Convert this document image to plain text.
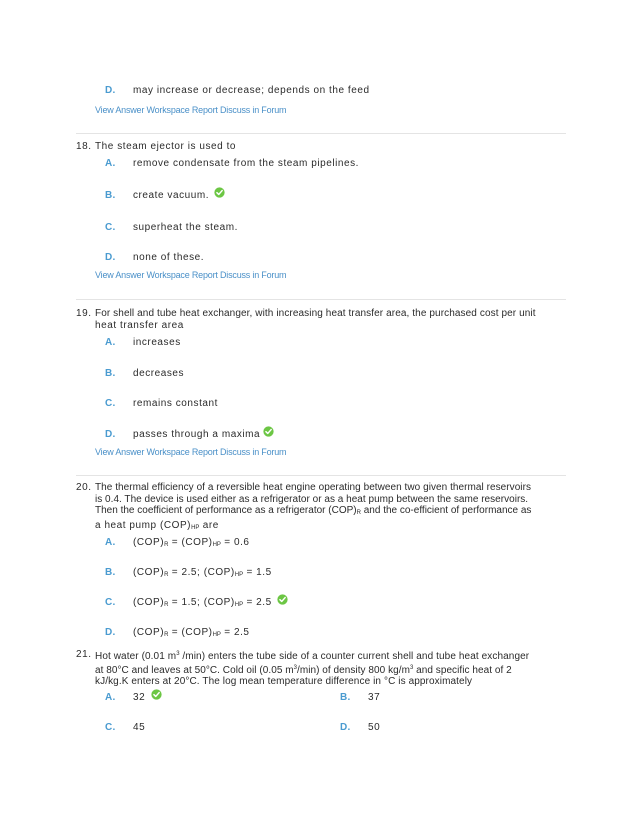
D. may increase or decrease; depends on the feed
View Answer Workspace Report Discuss in Forum
18. The steam ejector is used to
A. remove condensate from the steam pipelines.
B. create vacuum.
C. superheat the steam.
D. none of these.
View Answer Workspace Report Discuss in Forum
19. For shell and tube heat exchanger, with increasing heat transfer area, the purchased cost per unit
heat transfer area
A. increases
B. decreases
C. remains constant
D. passes through a maxima
View Answer Workspace Report Discuss in Forum
20. The thermal efficiency of a reversible heat engine operating between two given thermal reservoirs
is 0.4. The device is used either as a refrigerator or as a heat pump between the same reservoirs.
Then the coefficient of performance as a refrigerator $(COP)_R$ and the co-efficient of performance as
a heat pump $(COP)_{HP}$ are
A. $(COP)_R = (COP)_{HP} = 0.6$
B. $(COP)_R = 2.5$; $(COP)_{HP} = 1.5$
C. $(COP)_R = 1.5$; $(COP)_{HP} = 2.5$
D. $(COP)_R = (COP)_{HP} = 2.5$
21. Hot water (0.01 $m^3$ /min) enters the tube side of a counter current shell and tube heat exchanger
at 80°C and leaves at 50°C. Cold oil (0.05 $m^3/\min$) of density 800 $kg/m^3$ and specific heat of 2
kJ/kg.K enters at 20°C. The log mean temperature difference in °C is approximately
A. 32	B. 37
C. 45	D. 50
